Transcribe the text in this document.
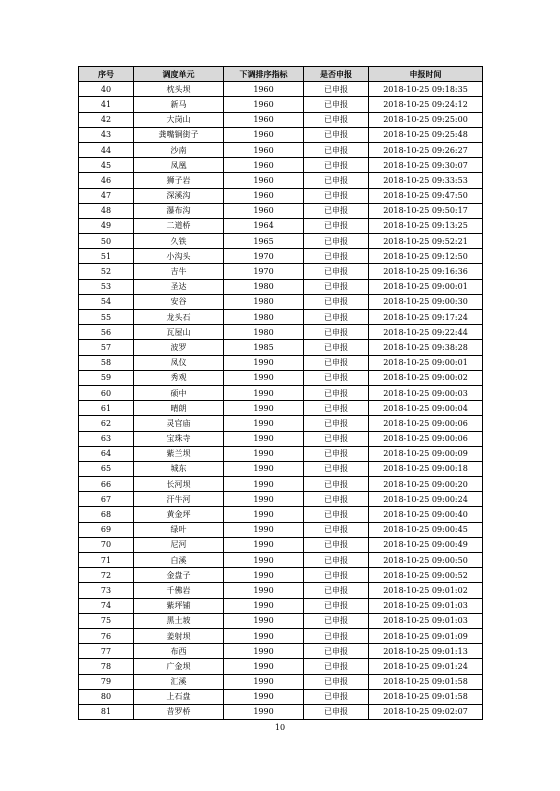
序号	调度单元	下调排序指标	是否申报	申报时间
40	枕头坝	1960	已申报	2018-10-25 09:18:35
41	新马	1960	已申报	2018-10-25 09:24:12
42	大岗山	1960	已申报	2018-10-25 09:25:00
43	龚嘴铜街子	1960	已申报	2018-10-25 09:25:48
44	沙南	1960	已申报	2018-10-25 09:26:27
45	凤凰	1960	已申报	2018-10-25 09:30:07
46	狮子岩	1960	已申报	2018-10-25 09:33:53
47	深溪沟	1960	已申报	2018-10-25 09:47:50
48	瀑布沟	1960	已申报	2018-10-25 09:50:17
49	二道桥	1964	已申报	2018-10-25 09:13:25
50	久铁	1965	已申报	2018-10-25 09:52:21
51	小沟头	1970	已申报	2018-10-25 09:12:50
52	吉牛	1970	已申报	2018-10-25 09:16:36
53	圣达	1980	已申报	2018-10-25 09:00:01
54	安谷	1980	已申报	2018-10-25 09:00:30
55	龙头石	1980	已申报	2018-10-25 09:17:24
56	瓦屋山	1980	已申报	2018-10-25 09:22:44
57	波罗	1985	已申报	2018-10-25 09:38:28
58	凤仪	1990	已申报	2018-10-25 09:00:01
59	秀观	1990	已申报	2018-10-25 09:00:02
60	硕中	1990	已申报	2018-10-25 09:00:03
61	晴朗	1990	已申报	2018-10-25 09:00:04
62	灵官庙	1990	已申报	2018-10-25 09:00:06
63	宝珠寺	1990	已申报	2018-10-25 09:00:06
64	紫兰坝	1990	已申报	2018-10-25 09:00:09
65	城东	1990	已申报	2018-10-25 09:00:18
66	长河坝	1990	已申报	2018-10-25 09:00:20
67	汗牛河	1990	已申报	2018-10-25 09:00:24
68	黄金坪	1990	已申报	2018-10-25 09:00:40
69	绿叶	1990	已申报	2018-10-25 09:00:45
70	尼河	1990	已申报	2018-10-25 09:00:49
71	白溪	1990	已申报	2018-10-25 09:00:50
72	金盘子	1990	已申报	2018-10-25 09:00:52
73	千佛岩	1990	已申报	2018-10-25 09:01:02
74	紫坪铺	1990	已申报	2018-10-25 09:01:03
75	黑土坡	1990	已申报	2018-10-25 09:01:03
76	姜射坝	1990	已申报	2018-10-25 09:01:09
77	布西	1990	已申报	2018-10-25 09:01:13
78	广金坝	1990	已申报	2018-10-25 09:01:24
79	汇溪	1990	已申报	2018-10-25 09:01:58
80	上石盘	1990	已申报	2018-10-25 09:01:58
81	昔罗桥	1990	已申报	2018-10-25 09:02:07
10
